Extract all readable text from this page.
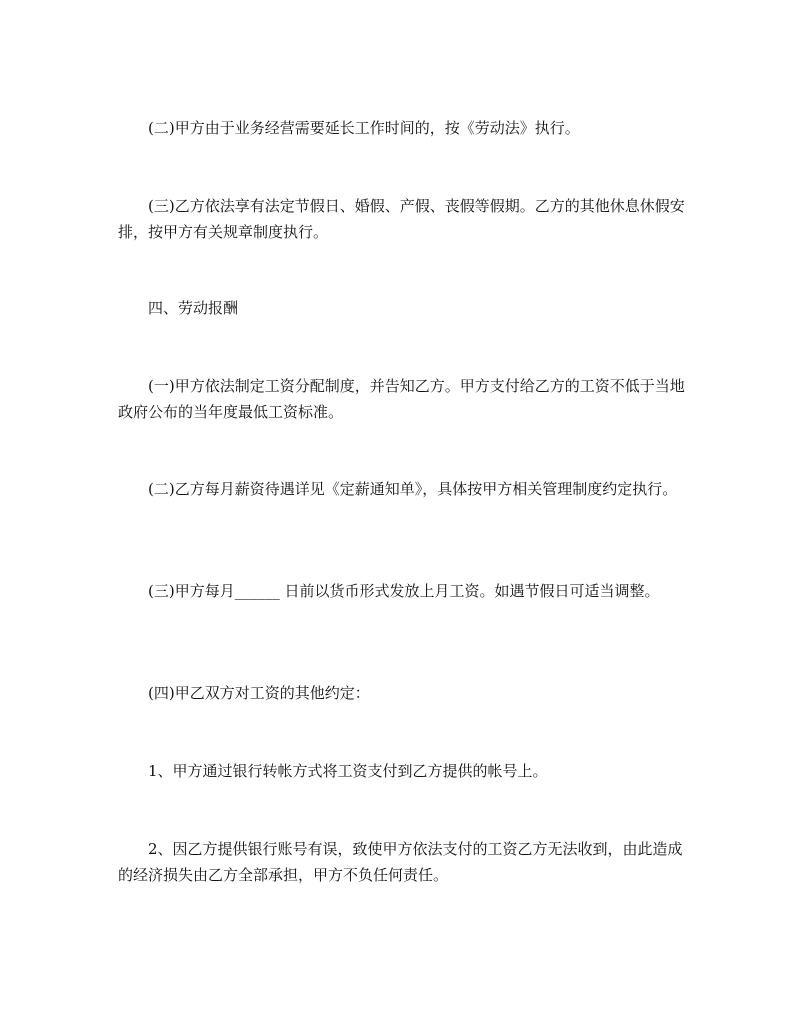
(二)甲方由于业务经营需要延长工作时间的，按《劳动法》执行。

(三)乙方依法享有法定节假日、婚假、产假、丧假等假期。乙方的其他休息休假安排，按甲方有关规章制度执行。

四、劳动报酬

(一)甲方依法制定工资分配制度，并告知乙方。甲方支付给乙方的工资不低于当地政府公布的当年度最低工资标准。

(二)乙方每月薪资待遇详见《定薪通知单》，具体按甲方相关管理制度约定执行。

(三)甲方每月______ 日前以货币形式发放上月工资。如遇节假日可适当调整。

(四)甲乙双方对工资的其他约定：

1、甲方通过银行转帐方式将工资支付到乙方提供的帐号上。

2、因乙方提供银行账号有误，致使甲方依法支付的工资乙方无法收到，由此造成的经济损失由乙方全部承担，甲方不负任何责任。
